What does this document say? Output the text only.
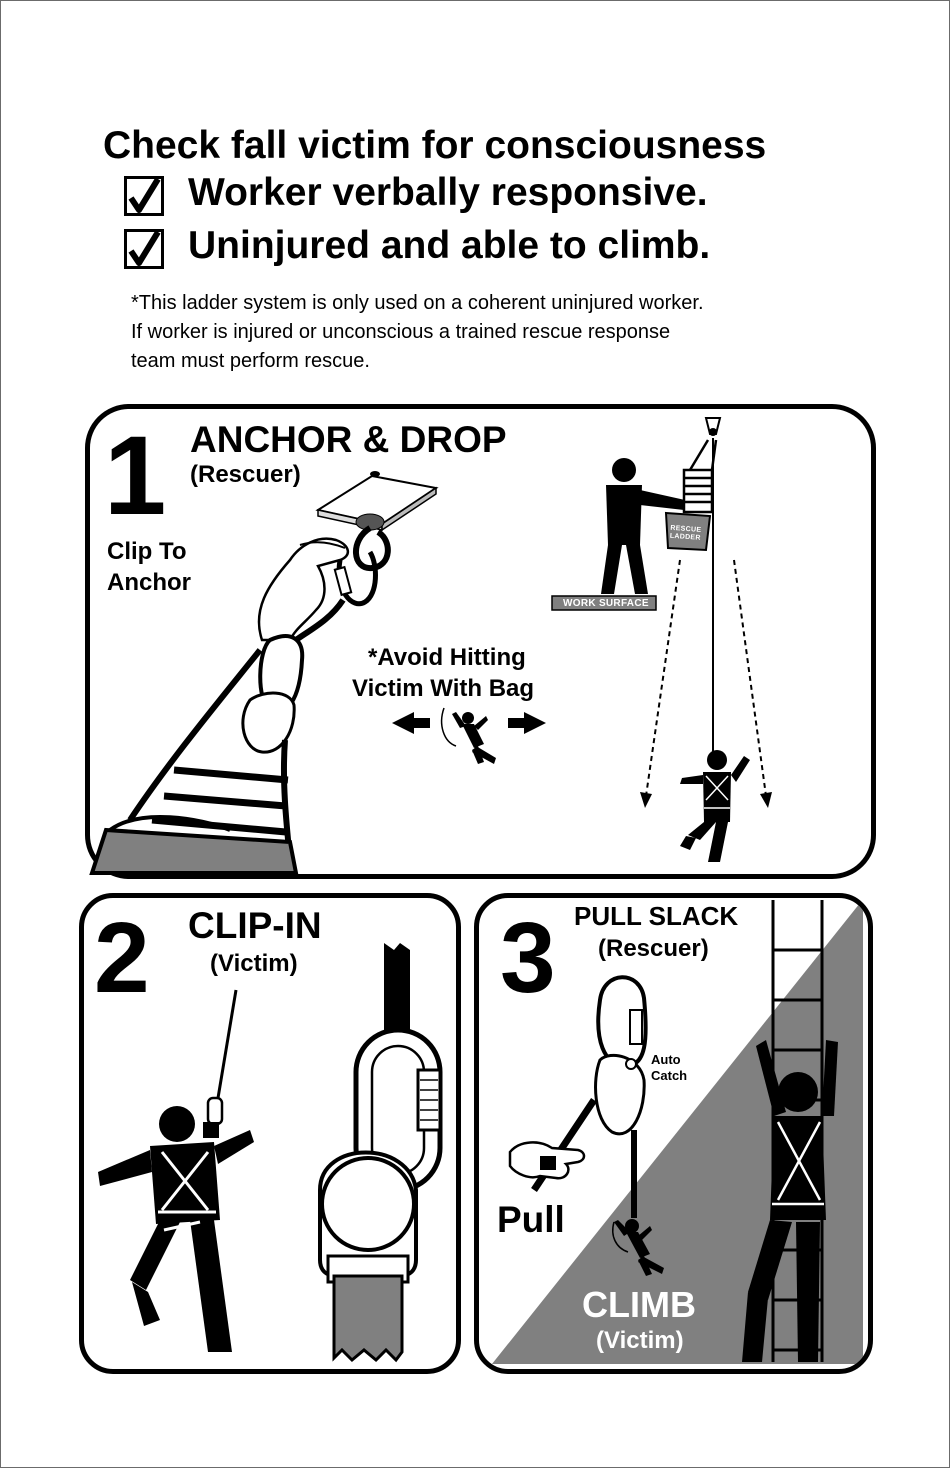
Check fall victim for consciousness
Worker verbally responsive.
Uninjured and able to climb.
*This ladder system is only used on a coherent uninjured worker.
If worker is injured or unconscious a trained rescue response
team must perform rescue.
1 ANCHOR & DROP
(Rescuer)
Clip To
Anchor
*Avoid Hitting
Victim With Bag
WORK SURFACE
RESCUE LADDER
2 CLIP-IN
(Victim) 3 PULL SLACK
(Rescuer)
Auto
Catch
Pull
CLIMB
(Victim)
